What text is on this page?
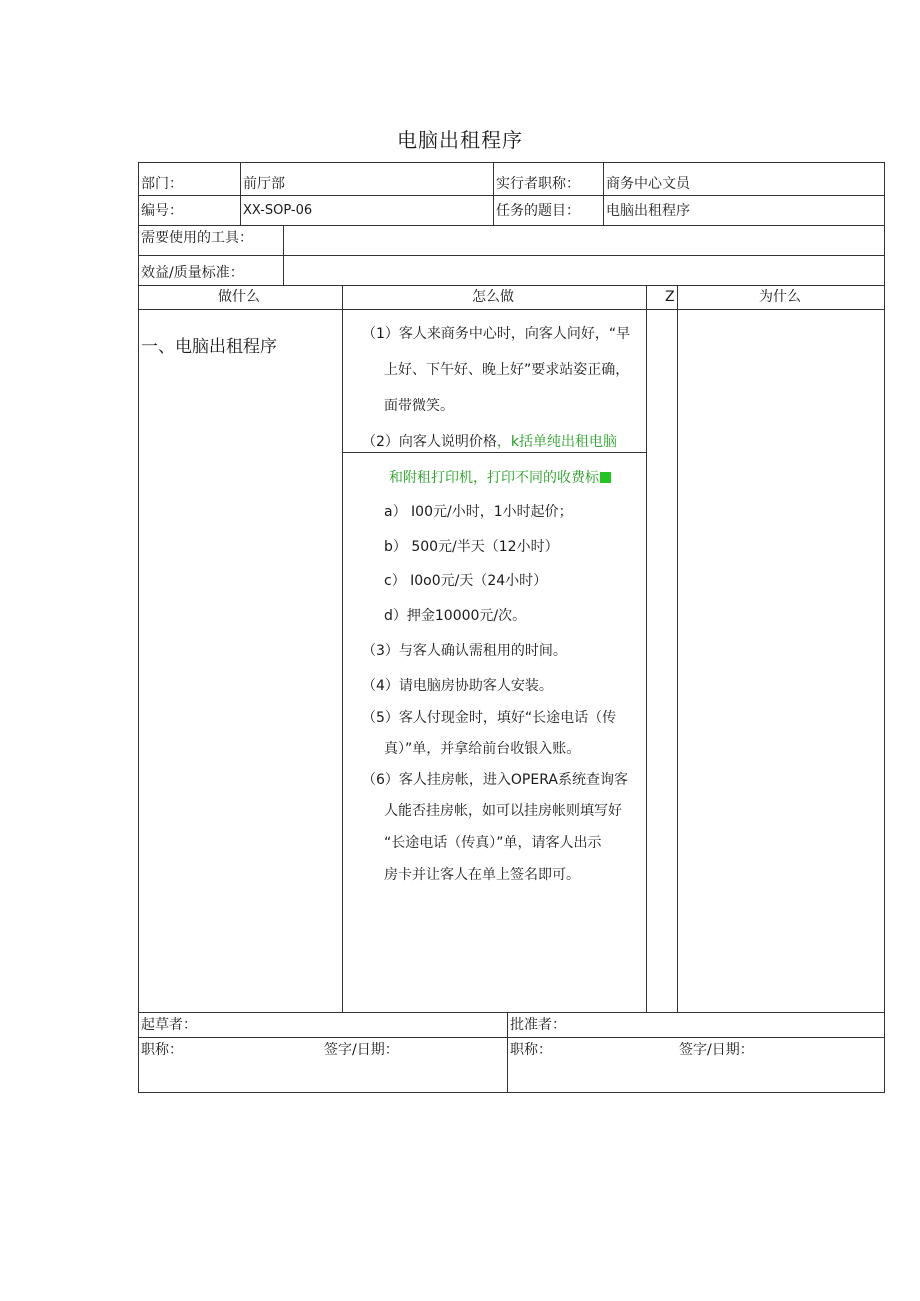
电脑出租程序
部门：	前厅部	实行者职称： 商务中心文员
编号：	XX-SOP-06	任务的题目： 电脑出租程序
需要使用的工具：
效益/质量标准：
做什么	怎么做	Z	为什么
一、电脑出租程序
（1）客人来商务中心时，向客人问好，“早
上好、下午好、晚上好”要求站姿正确，
面带微笑。
（2）向客人说明价格，k括单纯出租电脑
和附租打印机，打印不同的收费标
a） I00元/小时，1小时起价；
b） 500元/半天（12小时）
c） I0o0元/天（24小时）
d）押金10000元/次。
（3）与客人确认需租用的时间。
（4）请电脑房协助客人安装。
（5）客人付现金时，填好“长途电话（传
真）”单，并拿给前台收银入账。
（6）客人挂房帐，进入OPERA系统查询客
人能否挂房帐，如可以挂房帐则填写好
“长途电话（传真）”单，请客人出示
房卡并让客人在单上签名即可。
起草者：	批准者：
职称：	签字/日期：	职称：	签字/日期：
